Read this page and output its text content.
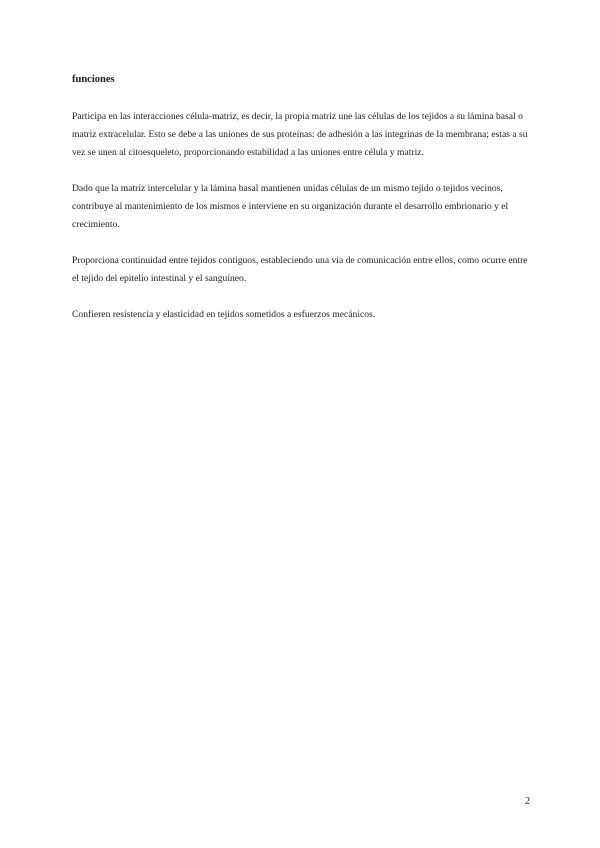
funciones

Participa en las interacciones célula-matriz, es decir, la propia matriz une las células de los tejidos a su lámina basal o matriz extracelular. Esto se debe a las uniones de sus proteínas: de adhesión a las integrinas de la membrana; estas a su vez se unen al citoesqueleto, proporcionando estabilidad a las uniones entre célula y matriz.

Dado que la matriz intercelular y la lámina basal mantienen unidas células de un mismo tejido o tejidos vecinos, contribuye al mantenimiento de los mismos e interviene en su organización durante el desarrollo embrionario y el crecimiento.

Proporciona continuidad entre tejidos contiguos, estableciendo una vía de comunicación entre ellos, como ocurre entre el tejido del epitelio intestinal y el sanguíneo.

Confieren resistencia y elasticidad en tejidos sometidos a esfuerzos mecánicos.

2
